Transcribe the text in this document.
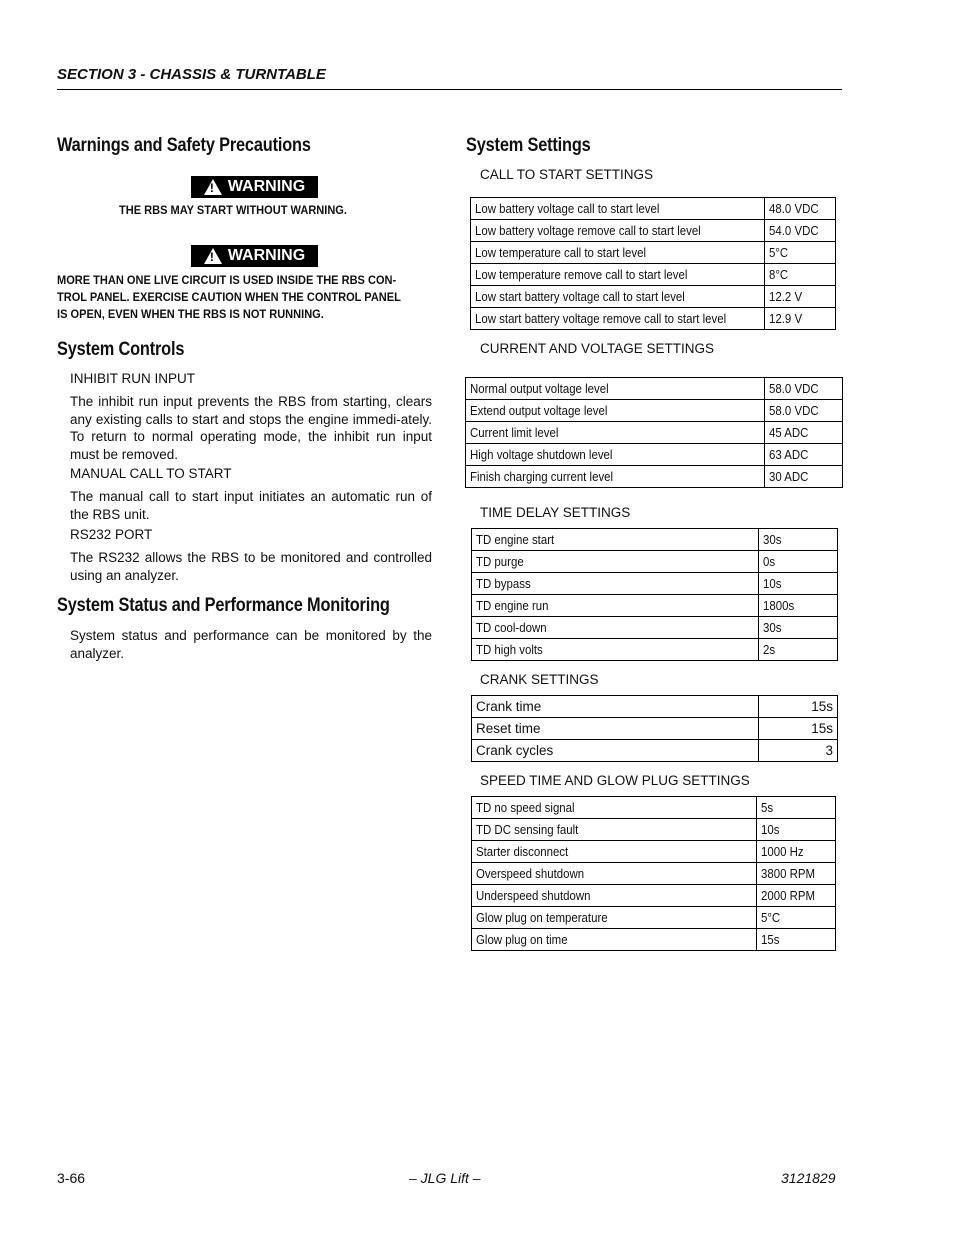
SECTION 3 - CHASSIS & TURNTABLE
Warnings and Safety Precautions
! WARNING
THE RBS MAY START WITHOUT WARNING.
! WARNING
MORE THAN ONE LIVE CIRCUIT IS USED INSIDE THE RBS CON-
TROL PANEL. EXERCISE CAUTION WHEN THE CONTROL PANEL
IS OPEN, EVEN WHEN THE RBS IS NOT RUNNING.
System Controls
INHIBIT RUN INPUT
The inhibit run input prevents the RBS from starting, clears any existing calls to start and stops the engine immedi-ately. To return to normal operating mode, the inhibit run input must be removed.
MANUAL CALL TO START
The manual call to start input initiates an automatic run of the RBS unit.
RS232 PORT
The RS232 allows the RBS to be monitored and controlled using an analyzer.
System Status and Performance Monitoring
System status and performance can be monitored by the analyzer.
System Settings
CALL TO START SETTINGS
Low battery voltage call to start level	48.0 VDC
Low battery voltage remove call to start level	54.0 VDC
Low temperature call to start level	5°C
Low temperature remove call to start level	8°C
Low start battery voltage call to start level	12.2 V
Low start battery voltage remove call to start level	12.9 V
CURRENT AND VOLTAGE SETTINGS
Normal output voltage level	58.0 VDC
Extend output voltage level	58.0 VDC
Current limit level	45 ADC
High voltage shutdown level	63 ADC
Finish charging current level	30 ADC
TIME DELAY SETTINGS
TD engine start	30s
TD purge	0s
TD bypass	10s
TD engine run	1800s
TD cool-down	30s
TD high volts	2s
CRANK SETTINGS
Crank time	15s
Reset time	15s
Crank cycles	3
SPEED TIME AND GLOW PLUG SETTINGS
TD no speed signal	5s
TD DC sensing fault	10s
Starter disconnect	1000 Hz
Overspeed shutdown	3800 RPM
Underspeed shutdown	2000 RPM
Glow plug on temperature	5°C
Glow plug on time	15s
3-66	– JLG Lift –	3121829
